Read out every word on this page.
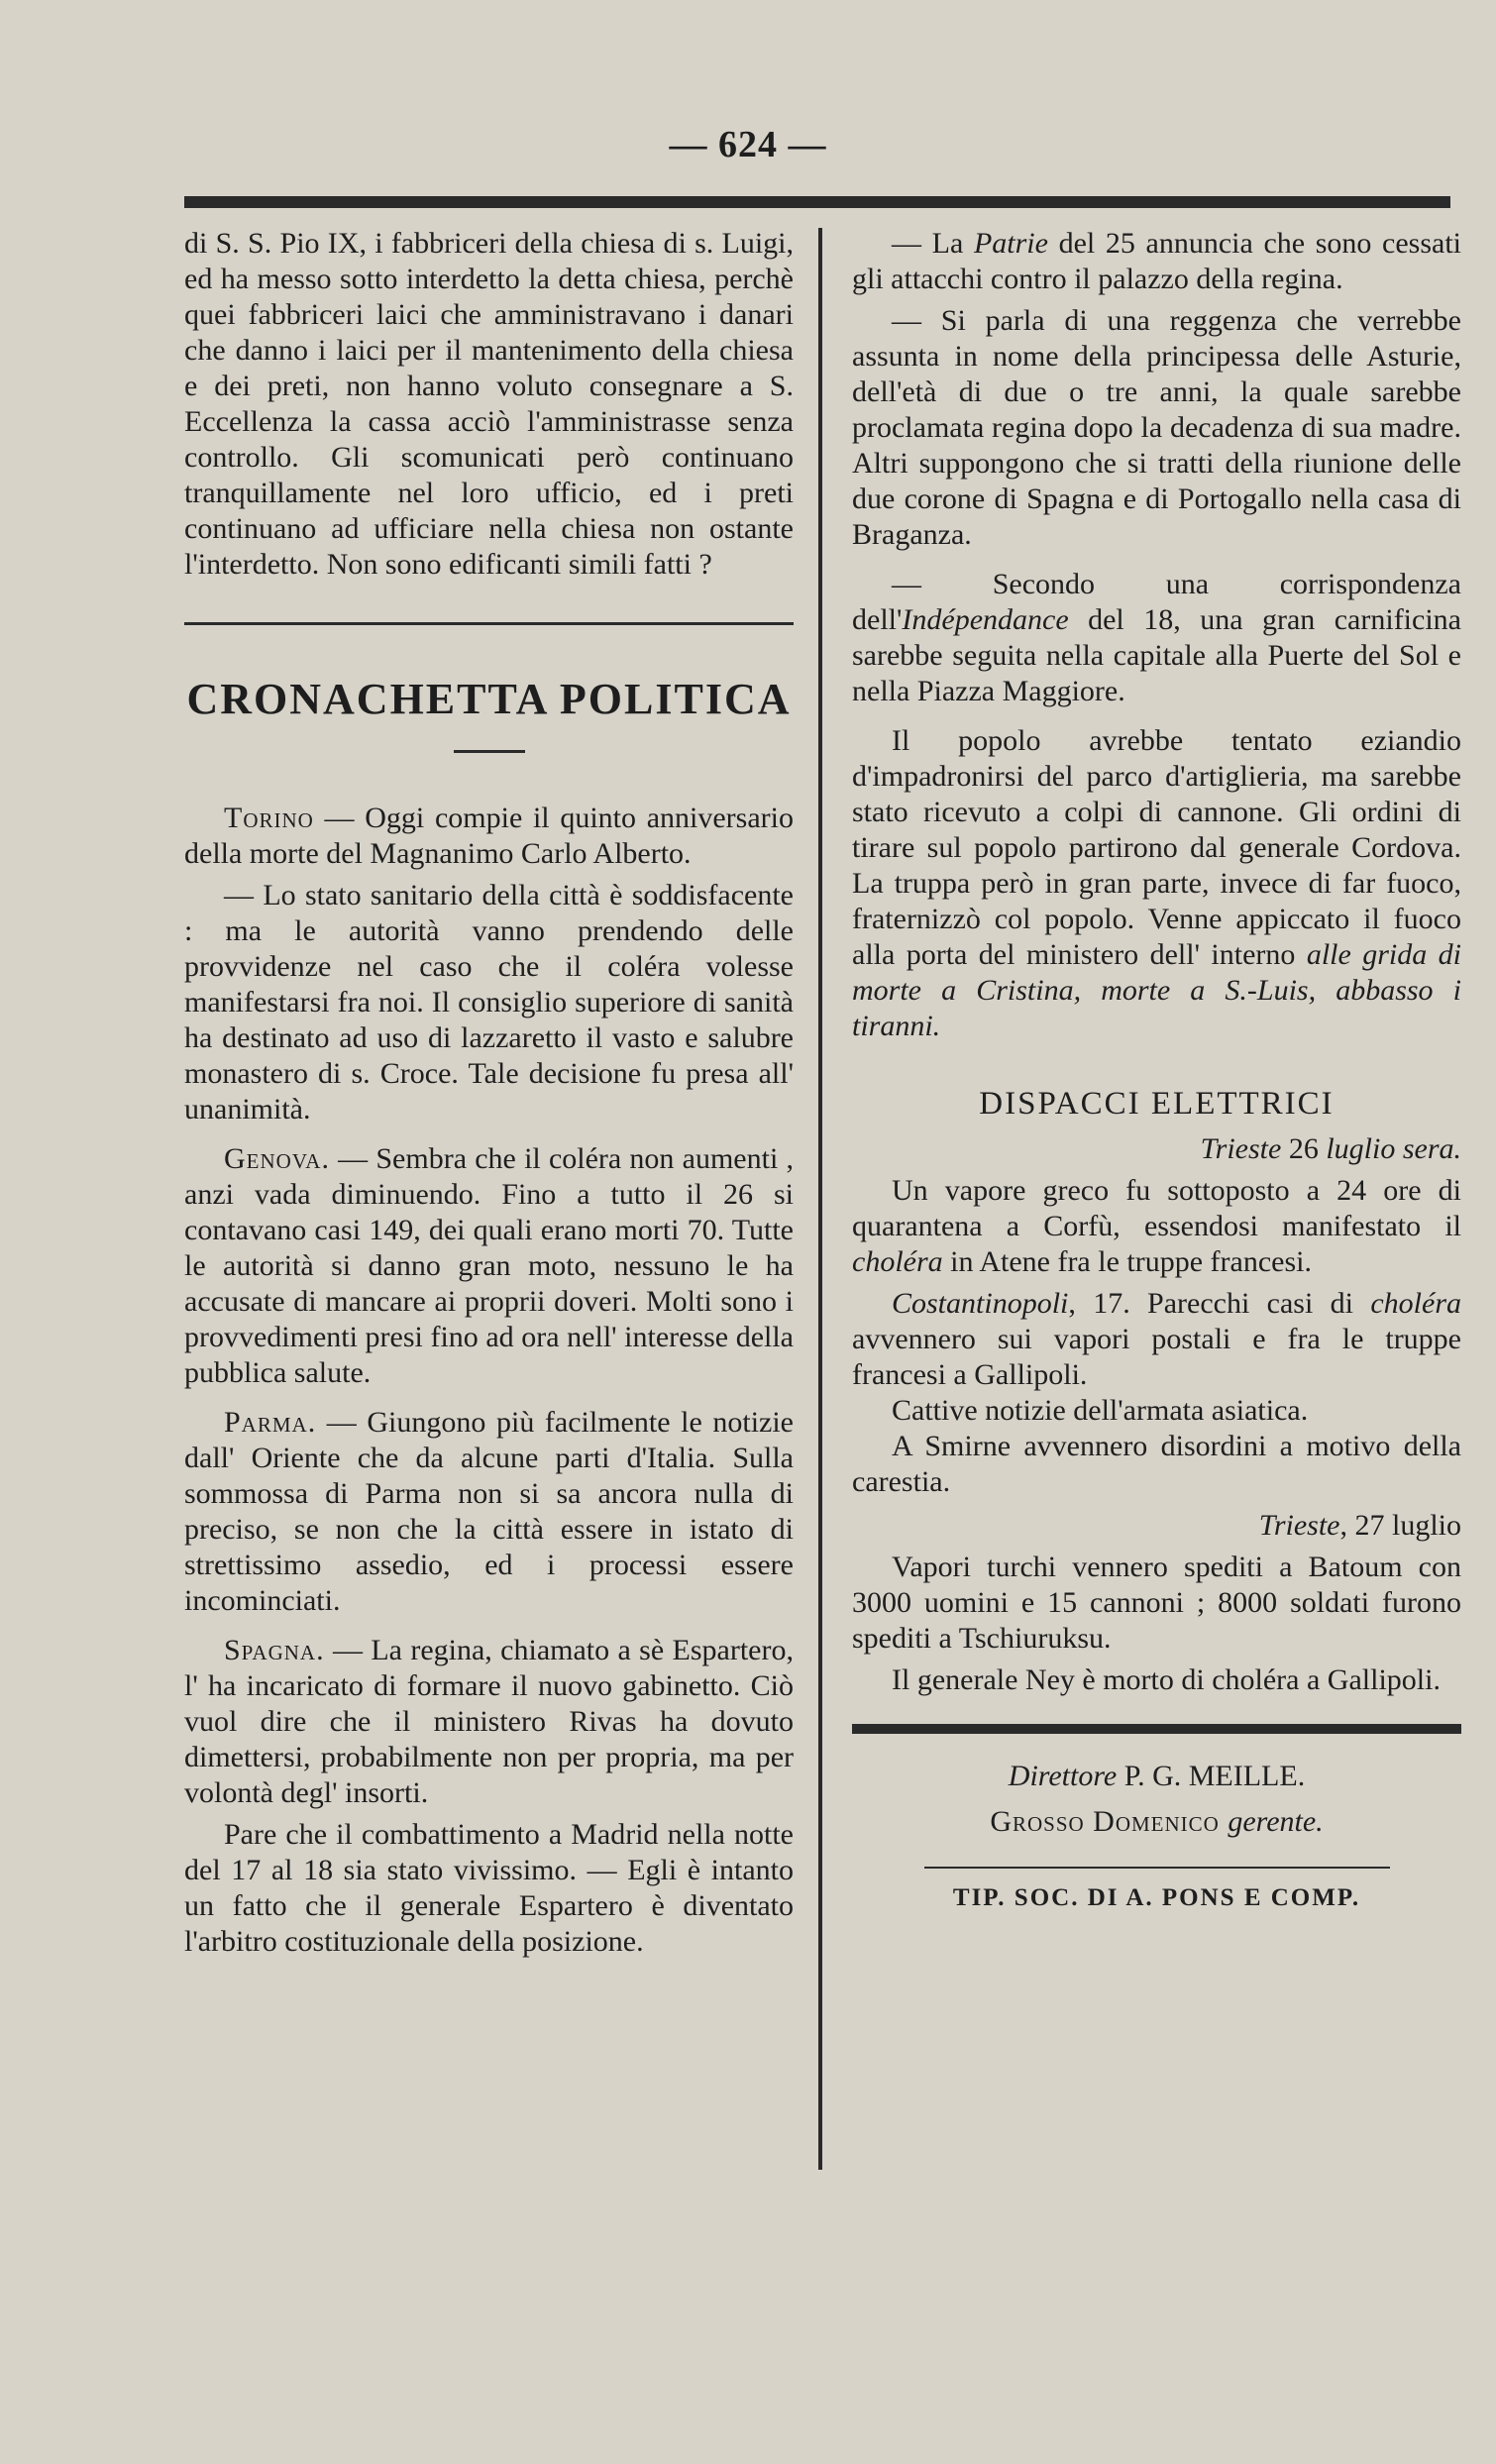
— 624 —

di S. S. Pio IX, i fabbriceri della chiesa di s. Luigi, ed ha messo sotto interdetto la detta chiesa, perchè quei fabbriceri laici che amministravano i danari che danno i laici per il mantenimento della chiesa e dei preti, non hanno voluto consegnare a S. Eccellenza la cassa acciò l'amministrasse senza controllo. Gli scomunicati però continuano tranquillamente nel loro ufficio, ed i preti continuano ad ufficiare nella chiesa non ostante l'interdetto. Non sono edificanti simili fatti ?

CRONACHETTA POLITICA

Torino — Oggi compie il quinto anniversario della morte del Magnanimo Carlo Alberto.

— Lo stato sanitario della città è soddisfacente : ma le autorità vanno prendendo delle provvidenze nel caso che il coléra volesse manifestarsi fra noi. Il consiglio superiore di sanità ha destinato ad uso di lazzaretto il vasto e salubre monastero di s. Croce. Tale decisione fu presa all' unanimità.

Genova. — Sembra che il coléra non aumenti , anzi vada diminuendo. Fino a tutto il 26 si contavano casi 149, dei quali erano morti 70. Tutte le autorità si danno gran moto, nessuno le ha accusate di mancare ai proprii doveri. Molti sono i provvedimenti presi fino ad ora nell' interesse della pubblica salute.

Parma. — Giungono più facilmente le notizie dall' Oriente che da alcune parti d'Italia. Sulla sommossa di Parma non si sa ancora nulla di preciso, se non che la città essere in istato di strettissimo assedio, ed i processi essere incominciati.

Spagna. — La regina, chiamato a sè Espartero, l' ha incaricato di formare il nuovo gabinetto. Ciò vuol dire che il ministero Rivas ha dovuto dimettersi, probabilmente non per propria, ma per volontà degl' insorti.

Pare che il combattimento a Madrid nella notte del 17 al 18 sia stato vivissimo. — Egli è intanto un fatto che il generale Espartero è diventato l'arbitro costituzionale della posizione.

— La Patrie del 25 annuncia che sono cessati gli attacchi contro il palazzo della regina.

— Si parla di una reggenza che verrebbe assunta in nome della principessa delle Asturie, dell'età di due o tre anni, la quale sarebbe proclamata regina dopo la decadenza di sua madre. Altri suppongono che si tratti della riunione delle due corone di Spagna e di Portogallo nella casa di Braganza.

— Secondo una corrispondenza dell'Indépendance del 18, una gran carnificina sarebbe seguita nella capitale alla Puerte del Sol e nella Piazza Maggiore.

Il popolo avrebbe tentato eziandio d'impadronirsi del parco d'artiglieria, ma sarebbe stato ricevuto a colpi di cannone. Gli ordini di tirare sul popolo partirono dal generale Cordova. La truppa però in gran parte, invece di far fuoco, fraternizzò col popolo. Venne appiccato il fuoco alla porta del ministero dell' interno alle grida di morte a Cristina, morte a S.-Luis, abbasso i tiranni.

DISPACCI ELETTRICI
Trieste 26 luglio sera.

Un vapore greco fu sottoposto a 24 ore di quarantena a Corfù, essendosi manifestato il choléra in Atene fra le truppe francesi.

Costantinopoli, 17. Parecchi casi di choléra avvennero sui vapori postali e fra le truppe francesi a Gallipoli.

Cattive notizie dell'armata asiatica.

A Smirne avvennero disordini a motivo della carestia.

Trieste, 27 luglio

Vapori turchi vennero spediti a Batoum con 3000 uomini e 15 cannoni ; 8000 soldati furono spediti a Tschiuruksu.

Il generale Ney è morto di choléra a Gallipoli.

Direttore P. G. MEILLE.
Grosso Domenico gerente.
TIP. SOC. DI A. PONS E COMP.
